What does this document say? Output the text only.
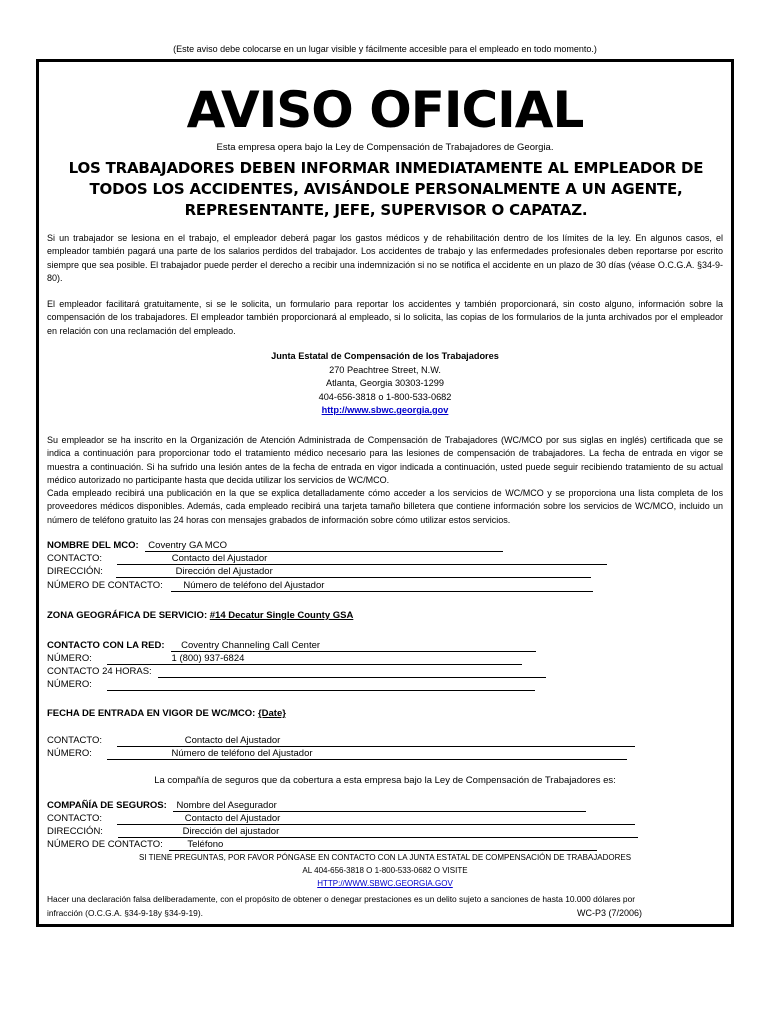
(Este aviso debe colocarse en un lugar visible y fácilmente accesible para el empleado en todo momento.)
AVISO OFICIAL
Esta empresa opera bajo la Ley de Compensación de Trabajadores de Georgia.
LOS TRABAJADORES DEBEN INFORMAR INMEDIATAMENTE AL EMPLEADOR DE TODOS LOS ACCIDENTES, AVISÁNDOLE PERSONALMENTE A UN AGENTE, REPRESENTANTE, JEFE, SUPERVISOR O CAPATAZ.
Si un trabajador se lesiona en el trabajo, el empleador deberá pagar los gastos médicos y de rehabilitación dentro de los límites de la ley. En algunos casos, el empleador también pagará una parte de los salarios perdidos del trabajador. Los accidentes de trabajo y las enfermedades profesionales deben reportarse por escrito siempre que sea posible. El trabajador puede perder el derecho a recibir una indemnización si no se notifica el accidente en un plazo de 30 días (véase O.C.G.A. §34-9-80).
El empleador facilitará gratuitamente, si se le solicita, un formulario para reportar los accidentes y también proporcionará, sin costo alguno, información sobre la compensación de los trabajadores. El empleador también proporcionará al empleado, si lo solicita, las copias de los formularios de la junta archivados por el empleador en relación con una reclamación del empleado.
Junta Estatal de Compensación de los Trabajadores
270 Peachtree Street, N.W.
Atlanta, Georgia 30303-1299
404-656-3818 o 1-800-533-0682
http://www.sbwc.georgia.gov
Su empleador se ha inscrito en la Organización de Atención Administrada de Compensación de Trabajadores (WC/MCO por sus siglas en inglés) certificada que se indica a continuación para proporcionar todo el tratamiento médico necesario para las lesiones de compensación de trabajadores. La fecha de entrada en vigor se muestra a continuación. Si ha sufrido una lesión antes de la fecha de entrada en vigor indicada a continuación, usted puede seguir recibiendo tratamiento de su actual médico autorizado no participante hasta que decida utilizar los servicios de WC/MCO.
Cada empleado recibirá una publicación en la que se explica detalladamente cómo acceder a los servicios de WC/MCO y se proporciona una lista completa de los proveedores médicos disponibles. Además, cada empleado recibirá una tarjeta tamaño billetera que contiene información sobre los servicios de WC/MCO, incluido un número de teléfono gratuito las 24 horas con mensajes grabados de información sobre cómo utilizar estos servicios.
NOMBRE DEL MCO: Coventry GA MCO
CONTACTO:	Contacto del Ajustador
DIRECCIÓN:	Dirección del Ajustador
NÚMERO DE CONTACTO: Número de teléfono del Ajustador
ZONA GEOGRÁFICA DE SERVICIO: #14 Decatur Single County GSA
CONTACTO CON LA RED: Coventry Channeling Call Center
NÚMERO:	1 (800) 937-6824
CONTACTO 24 HORAS:
NÚMERO:
FECHA DE ENTRADA EN VIGOR DE WC/MCO: {Date}
CONTACTO:	Contacto del Ajustador
NÚMERO:	Número de teléfono del Ajustador
La compañía de seguros que da cobertura a esta empresa bajo la Ley de Compensación de Trabajadores es:
COMPAÑÍA DE SEGUROS: Nombre del Asegurador
CONTACTO:	Contacto del Ajustador
DIRECCIÓN:	Dirección del ajustador
NÚMERO DE CONTACTO:	Teléfono
SI TIENE PREGUNTAS, POR FAVOR PÓNGASE EN CONTACTO CON LA JUNTA ESTATAL DE COMPENSACIÓN DE TRABAJADORES
AL 404-656-3818 O 1-800-533-0682 O VISITE
HTTP://WWW.SBWC.GEORGIA.GOV
Hacer una declaración falsa deliberadamente, con el propósito de obtener o denegar prestaciones es un delito sujeto a sanciones de hasta 10.000 dólares por
infracción (O.C.G.A. §34-9-18y §34-9-19).	WC-P3 (7/2006)
